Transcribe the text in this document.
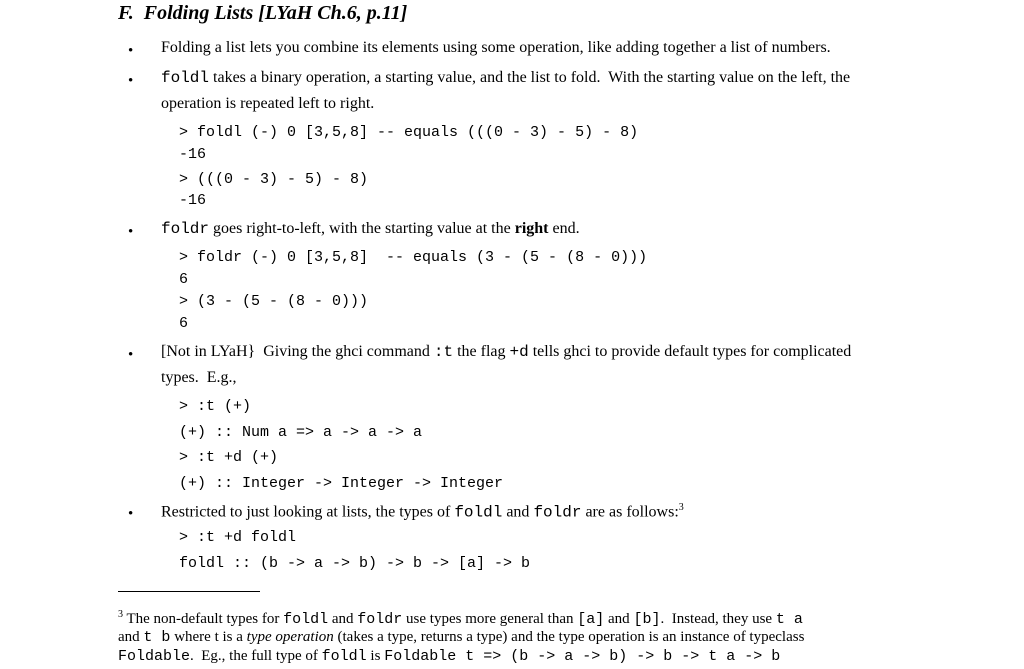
F.  Folding Lists [LYaH Ch.6, p.11]
• Folding a list lets you combine its elements using some operation, like adding together a list of numbers.
• foldl takes a binary operation, a starting value, and the list to fold.  With the starting value on the left, the
operation is repeated left to right.
> foldl (-) 0 [3,5,8] -- equals (((0 - 3) - 5) - 8)
-16
> (((0 - 3) - 5) - 8)
-16
• foldr goes right-to-left, with the starting value at the right end.
> foldr (-) 0 [3,5,8]  -- equals (3 - (5 - (8 - 0)))
6
> (3 - (5 - (8 - 0)))
6
• [Not in LYaH}  Giving the ghci command :t the flag +d tells ghci to provide default types for complicated
types.  E.g.,
> :t (+)
(+) :: Num a => a -> a -> a
> :t +d (+)
(+) :: Integer -> Integer -> Integer
• Restricted to just looking at lists, the types of foldl and foldr are as follows:$^3$
> :t +d foldl
foldl :: (b -> a -> b) -> b -> [a] -> b
$^3$ The non-default types for foldl and foldr use types more general than [a] and [b].  Instead, they use t a
and t b where t is a type operation (takes a type, returns a type) and the type operation is an instance of typeclass
Foldable.  Eg., the full type of foldl is Foldable t => (b -> a -> b) -> b -> t a -> b
